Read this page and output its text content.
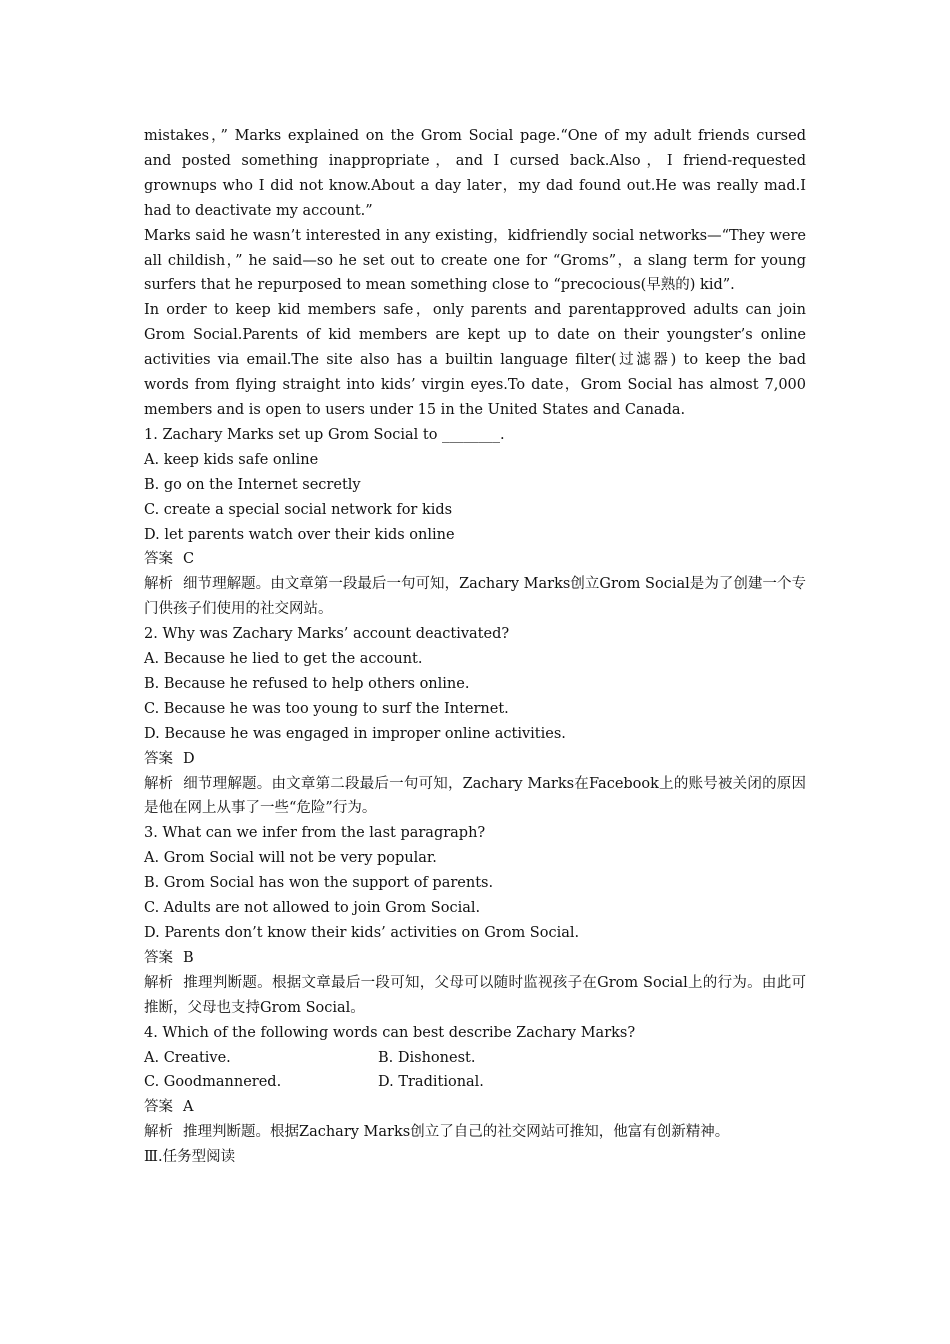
mistakes，” Marks explained on the Grom Social page.“One of my adult friends cursed and posted something inappropriate，and I cursed back.Also，I friend-requested grownups who I did not know.About a day later，my dad found out.He was really mad.I had to deactivate my account.”

Marks said he wasn’t interested in any existing，kidfriendly social networks—“They were all childish，” he said—so he set out to create one for “Groms”，a slang term for young surfers that he repurposed to mean something close to “precocious(早熟的) kid”.

In order to keep kid members safe，only parents and parentapproved adults can join Grom Social.Parents of kid members are kept up to date on their youngster’s online activities via email.The site also has a builtin language filter(过滤器) to keep the bad words from flying straight into kids’ virgin eyes.To date，Grom Social has almost 7,000 members and is open to users under 15 in the United States and Canada.

1. Zachary Marks set up Grom Social to ________.
A. keep kids safe online
B. go on the Internet secretly
C. create a special social network for kids
D. let parents watch over their kids online
答案 C
解析 细节理解题。由文章第一段最后一句可知，Zachary Marks创立Grom Social是为了创建一个专门供孩子们使用的社交网站。
2. Why was Zachary Marks’ account deactivated?
A. Because he lied to get the account.
B. Because he refused to help others online.
C. Because he was too young to surf the Internet.
D. Because he was engaged in improper online activities.
答案 D
解析 细节理解题。由文章第二段最后一句可知，Zachary Marks在Facebook上的账号被关闭的原因是他在网上从事了一些“危险”行为。
3. What can we infer from the last paragraph?
A. Grom Social will not be very popular.
B. Grom Social has won the support of parents.
C. Adults are not allowed to join Grom Social.
D. Parents don’t know their kids’ activities on Grom Social.
答案 B
解析 推理判断题。根据文章最后一段可知，父母可以随时监视孩子在Grom Social上的行为。由此可推断，父母也支持Grom Social。
4. Which of the following words can best describe Zachary Marks?
A. Creative.	B. Dishonest.
C. Goodmannered.	D. Traditional.
答案 A
解析 推理判断题。根据Zachary Marks创立了自己的社交网站可推知，他富有创新精神。
Ⅲ.任务型阅读
